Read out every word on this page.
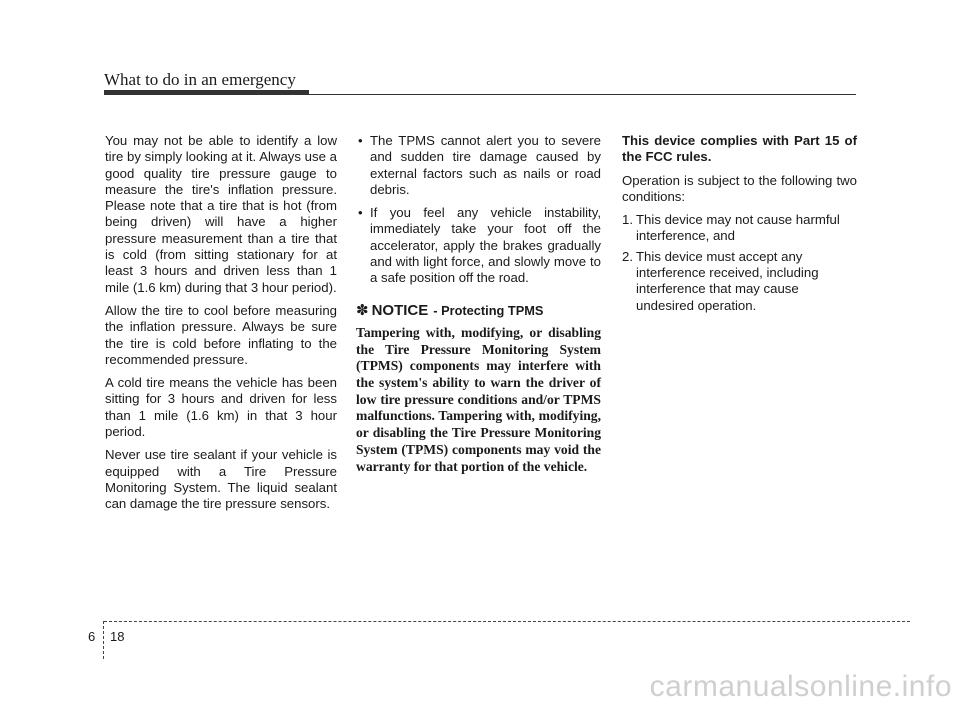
What to do in an emergency

You may not be able to identify a low tire by simply looking at it. Always use a good quality tire pressure gauge to measure the tire's inflation pressure. Please note that a tire that is hot (from being driven) will have a higher pressure measurement than a tire that is cold (from sitting stationary for at least 3 hours and driven less than 1 mile (1.6 km) during that 3 hour period).

Allow the tire to cool before measuring the inflation pressure. Always be sure the tire is cold before inflating to the recommended pressure.

A cold tire means the vehicle has been sitting for 3 hours and driven for less than 1 mile (1.6 km) in that 3 hour period.

Never use tire sealant if your vehicle is equipped with a Tire Pressure Monitoring System. The liquid sealant can damage the tire pressure sensors.

• The TPMS cannot alert you to severe and sudden tire damage caused by external factors such as nails or road debris.
• If you feel any vehicle instability, immediately take your foot off the accelerator, apply the brakes gradually and with light force, and slowly move to a safe position off the road.
✽ NOTICE - Protecting TPMS

Tampering with, modifying, or disabling the Tire Pressure Monitoring System (TPMS) components may interfere with the system's ability to warn the driver of low tire pressure conditions and/or TPMS malfunctions. Tampering with, modifying, or disabling the Tire Pressure Monitoring System (TPMS) components may void the warranty for that portion of the vehicle.

This device complies with Part 15 of the FCC rules.

Operation is subject to the following two conditions:

1. This device may not cause harmful interference, and
2. This device must accept any interference received, including interference that may cause undesired operation.
6 18
carmanualsonline.info
